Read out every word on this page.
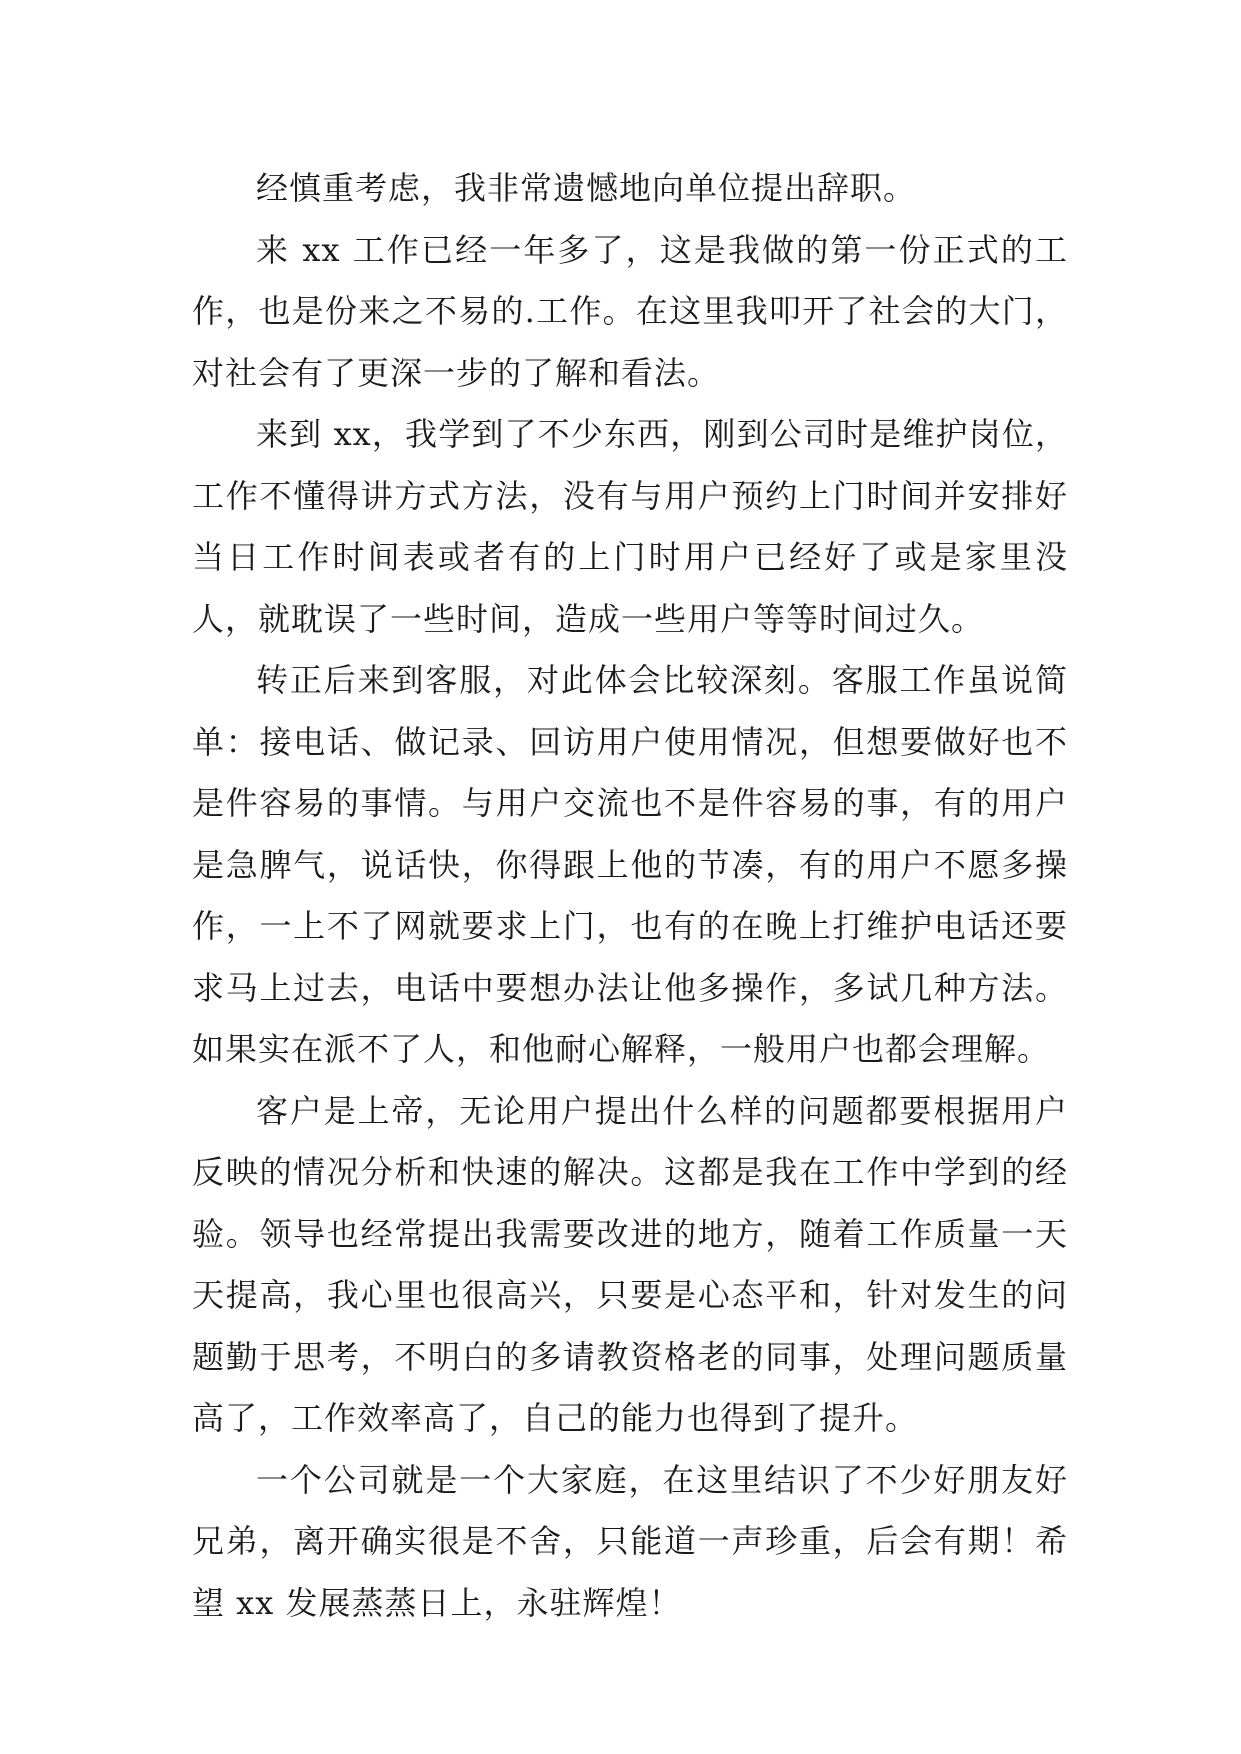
经慎重考虑，我非常遗憾地向单位提出辞职。

来 xx 工作已经一年多了，这是我做的第一份正式的工作，也是份来之不易的.工作。在这里我叩开了社会的大门，对社会有了更深一步的了解和看法。

来到 xx，我学到了不少东西，刚到公司时是维护岗位，工作不懂得讲方式方法，没有与用户预约上门时间并安排好当日工作时间表或者有的上门时用户已经好了或是家里没人，就耽误了一些时间，造成一些用户等等时间过久。

转正后来到客服，对此体会比较深刻。客服工作虽说简单：接电话、做记录、回访用户使用情况，但想要做好也不是件容易的事情。与用户交流也不是件容易的事，有的用户是急脾气，说话快，你得跟上他的节凑，有的用户不愿多操作，一上不了网就要求上门，也有的在晚上打维护电话还要求马上过去，电话中要想办法让他多操作，多试几种方法。如果实在派不了人，和他耐心解释，一般用户也都会理解。

客户是上帝，无论用户提出什么样的问题都要根据用户反映的情况分析和快速的解决。这都是我在工作中学到的经验。领导也经常提出我需要改进的地方，随着工作质量一天天提高，我心里也很高兴，只要是心态平和，针对发生的问题勤于思考，不明白的多请教资格老的同事，处理问题质量高了，工作效率高了，自己的能力也得到了提升。

一个公司就是一个大家庭，在这里结识了不少好朋友好兄弟，离开确实很是不舍，只能道一声珍重，后会有期！希望 xx 发展蒸蒸日上，永驻辉煌！
